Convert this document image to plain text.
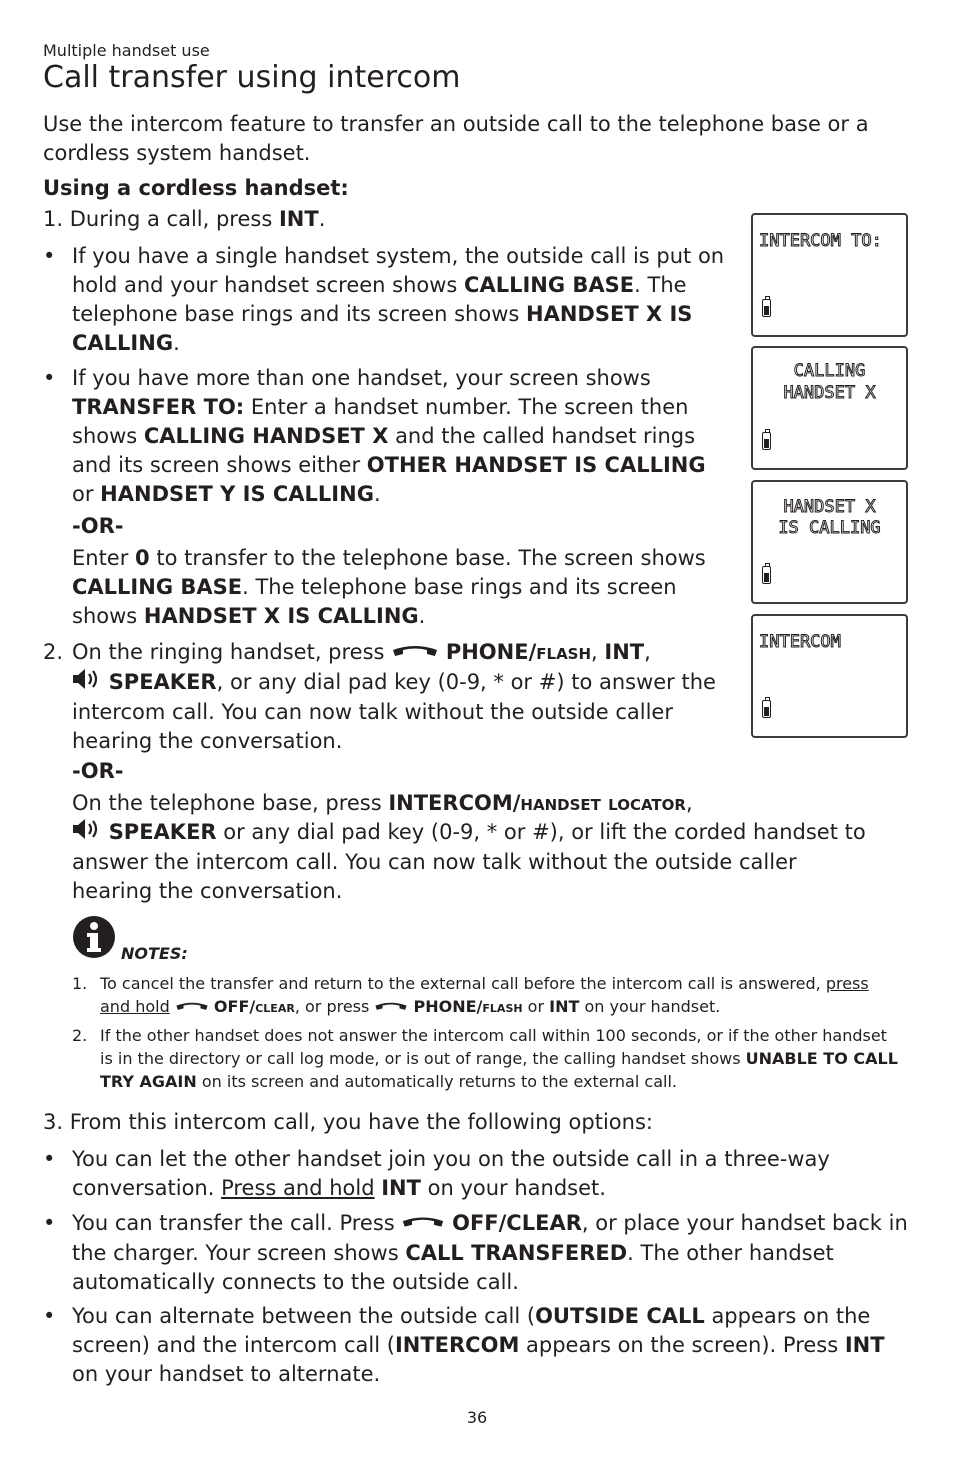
Multiple handset use
Call transfer using intercom
Use the intercom feature to transfer an outside call to the telephone base or a cordless system handset.
Using a cordless handset:
1. During a call, press INT.
• If you have a single handset system, the outside call is put on hold and your handset screen shows CALLING BASE. The telephone base rings and its screen shows HANDSET X IS CALLING.
• If you have more than one handset, your screen shows TRANSFER TO: Enter a handset number. The screen then shows CALLING HANDSET X and the called handset rings and its screen shows either OTHER HANDSET IS CALLING or HANDSET Y IS CALLING.
-OR-
Enter 0 to transfer to the telephone base. The screen shows CALLING BASE. The telephone base rings and its screen shows HANDSET X IS CALLING.
2. On the ringing handset, press	PHONE/flash, INT,
SPEAKER, or any dial pad key (0-9, * or #) to answer the intercom call. You can now talk without the outside caller hearing the conversation.
-OR-
On the telephone base, press INTERCOM/handset locator,
SPEAKER or any dial pad key (0-9, * or #), or lift the corded handset to answer the intercom call. You can now talk without the outside caller hearing the conversation.
NOTES:
1. To cancel the transfer and return to the external call before the intercom call is answered, press and hold	OFF/clear, or press  PHONE/flash or INT on your handset.
2. If the other handset does not answer the intercom call within 100 seconds, or if the other handset is in the directory or call log mode, or is out of range, the calling handset shows UNABLE TO CALL TRY AGAIN on its screen and automatically returns to the external call.
3. From this intercom call, you have the following options:
• You can let the other handset join you on the outside call in a three-way conversation. Press and hold INT on your handset.
• You can transfer the call. Press  OFF/CLEAR, or place your handset back in the charger. Your screen shows CALL TRANSFERED. The other handset automatically connects to the outside call.
• You can alternate between the outside call (OUTSIDE CALL appears on the screen) and the intercom call (INTERCOM appears on the screen). Press INT on your handset to alternate.
INTERCOM TO:
CALLING
HANDSET X
HANDSET X
IS CALLING
INTERCOM
36
